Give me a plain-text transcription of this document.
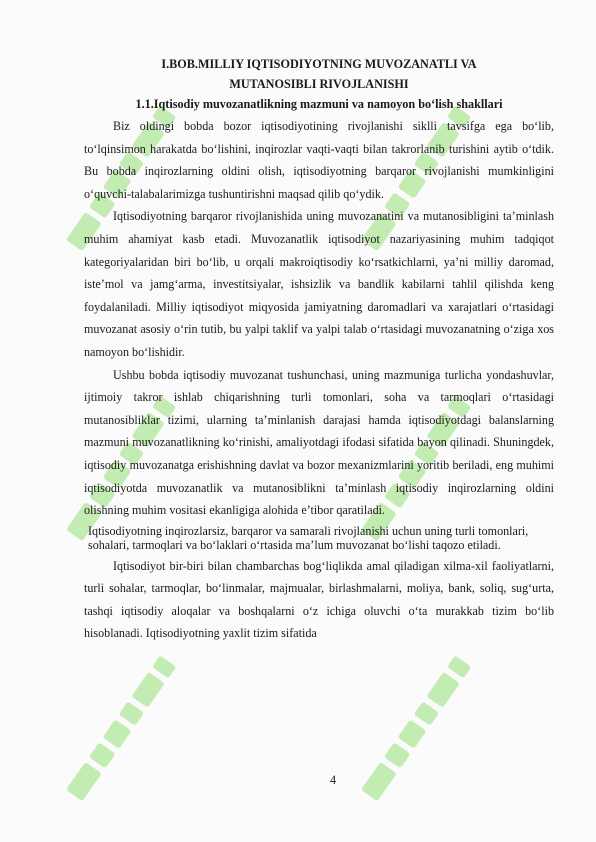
I.BOB.MILLIY IQTISODIYOTNING MUVOZANATLI VA

MUTANOSIBLI RIVOJLANISHI

1.1.Iqtisodiy muvozanatlikning mazmuni va namoyon bo‘lish shakllari

Biz oldingi bobda bozor iqtisodiyotining rivojlanishi siklli tavsifga ega bo‘lib, to‘lqinsimon harakatda bo‘lishini, inqirozlar vaqti-vaqti bilan takrorlanib turishini aytib o‘tdik. Bu bobda inqirozlarning oldini olish, iqtisodiyotning barqaror rivojlanishi mumkinligini o‘quvchi-talabalarimizga tushuntirishni maqsad qilib qo‘ydik.

Iqtisodiyotning barqaror rivojlanishida uning muvozanatini va mutanosibligini ta’minlash muhim ahamiyat kasb etadi. Muvozanatlik iqtisodiyot nazariyasining muhim tadqiqot kategoriyalaridan biri bo‘lib, u orqali makroiqtisodiy ko‘rsatkichlarni, ya’ni milliy daromad, iste’mol va jamg‘arma, investitsiyalar, ishsizlik va bandlik kabilarni tahlil qilishda keng foydalaniladi. Milliy iqtisodiyot miqyosida jamiyatning daromadlari va xarajatlari o‘rtasidagi muvozanat asosiy o‘rin tutib, bu yalpi taklif va yalpi talab o‘rtasidagi muvozanatning o‘ziga xos namoyon bo‘lishidir.

Ushbu bobda iqtisodiy muvozanat tushunchasi, uning mazmuniga turlicha yondashuvlar, ijtimoiy takror ishlab chiqarishning turli tomonlari, soha va tarmoqlari o‘rtasidagi mutanosibliklar tizimi, ularning ta’minlanish darajasi hamda iqtisodiyotdagi balanslarning mazmuni muvozanatlikning ko‘rinishi, amaliyotdagi ifodasi sifatida bayon qilinadi. Shuningdek, iqtisodiy muvozanatga erishishning davlat va bozor mexanizmlarini yoritib beriladi, eng muhimi iqtisodiyotda muvozanatlik va mutanosiblikni ta’minlash iqtisodiy inqirozlarning oldini olishning muhim vositasi ekanligiga alohida e’tibor qaratiladi.

Iqtisodiyotning inqirozlarsiz, barqaror va samarali rivojlanishi uchun uning turli tomonlari, sohalari, tarmoqlari va bo‘laklari o‘rtasida ma’lum muvozanat bo‘lishi taqozo etiladi.

Iqtisodiyot bir-biri bilan chambarchas bog‘liqlikda amal qiladigan xilma-xil faoliyatlarni, turli sohalar, tarmoqlar, bo‘linmalar, majmualar, birlashmalarni, moliya, bank, soliq, sug‘urta, tashqi iqtisodiy aloqalar va boshqalarni o‘z ichiga oluvchi o‘ta murakkab tizim bo‘lib hisoblanadi. Iqtisodiyotning yaxlit tizim sifatida

4
